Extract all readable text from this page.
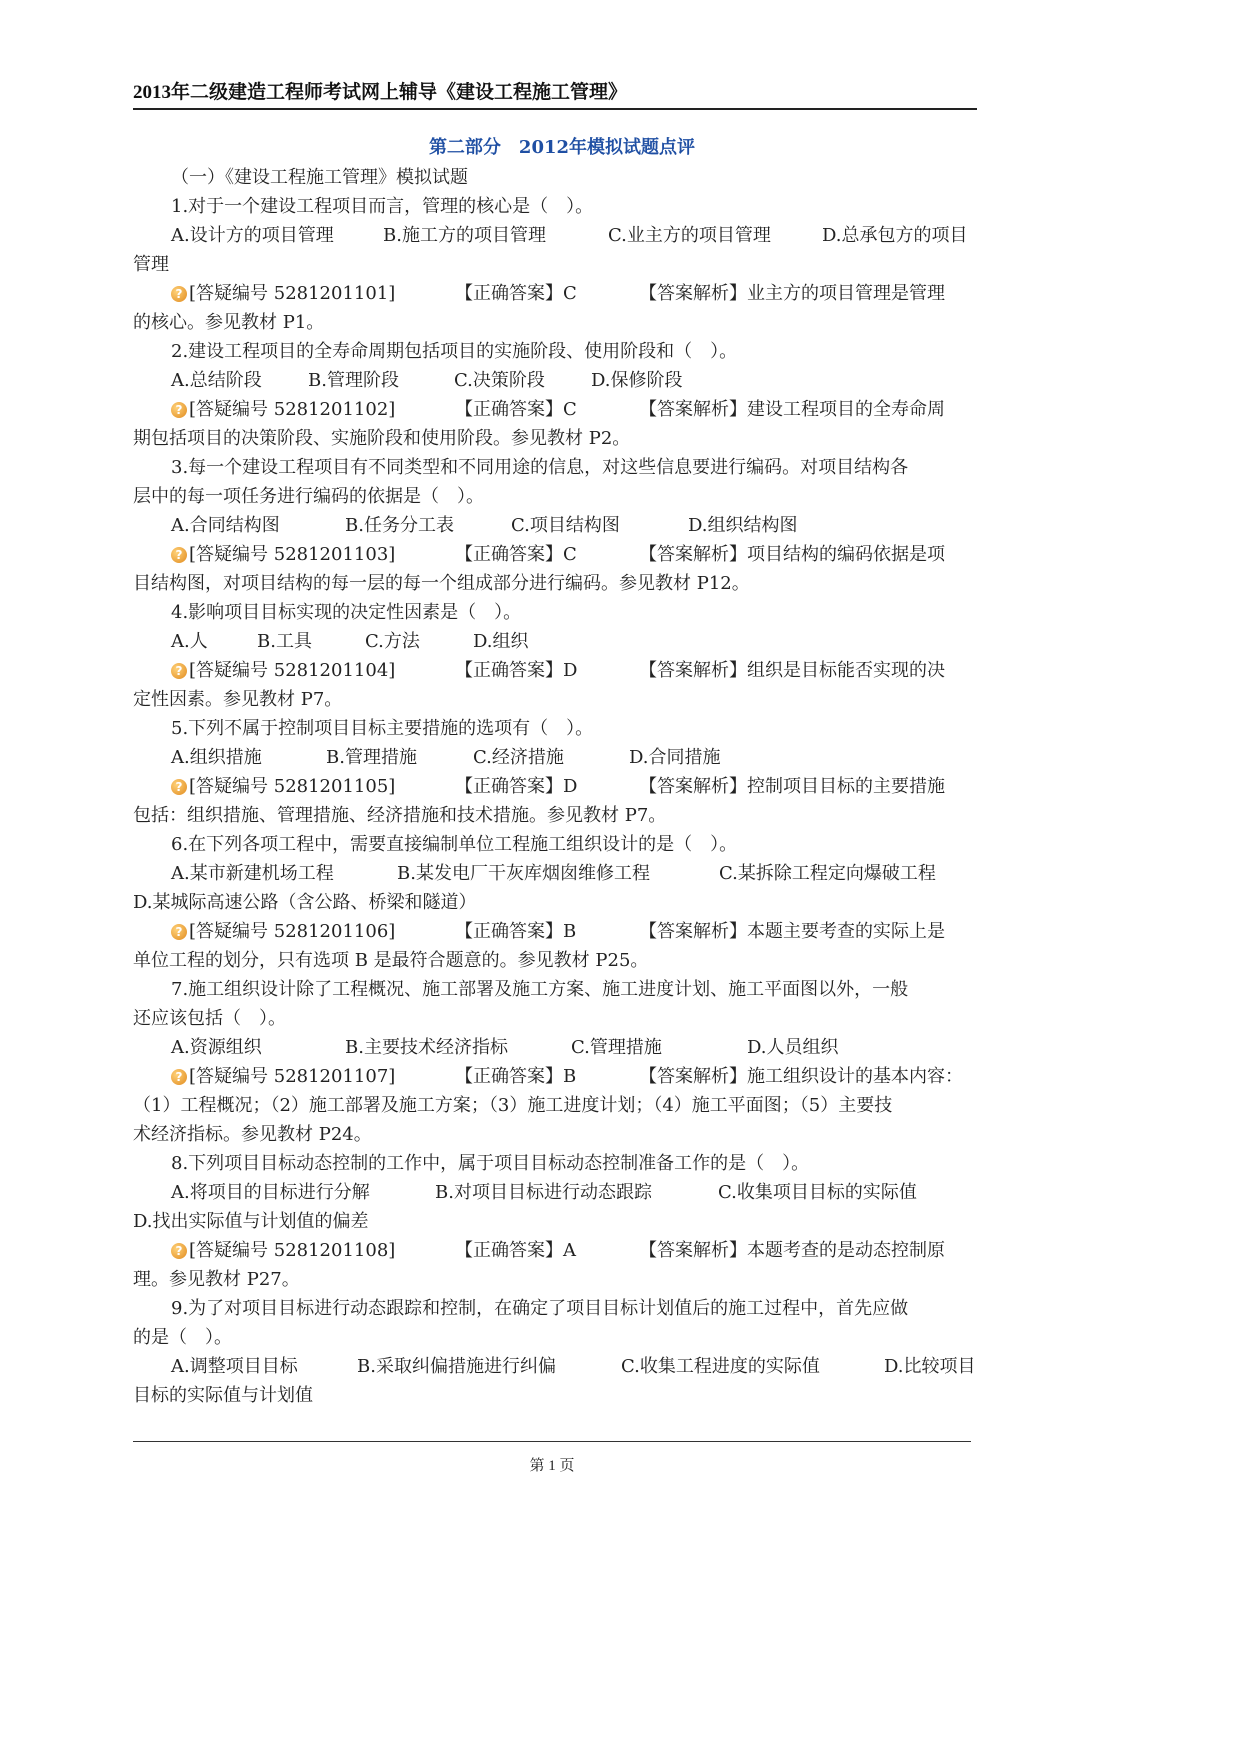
2013年二级建造工程师考试网上辅导《建设工程施工管理》
第二部分　2012年模拟试题点评
（一）《建设工程施工管理》模拟试题
1.对于一个建设工程项目而言，管理的核心是（　）。
A.设计方的项目管理	B.施工方的项目管理	C.业主方的项目管理	D.总承包方的项目
管理
? [答疑编号 5281201101]	【正确答案】C	【答案解析】业主方的项目管理是管理
的核心。参见教材 P1。
2.建设工程项目的全寿命周期包括项目的实施阶段、使用阶段和（　）。
A.总结阶段	B.管理阶段	C.决策阶段	D.保修阶段
? [答疑编号 5281201102]	【正确答案】C	【答案解析】建设工程项目的全寿命周
期包括项目的决策阶段、实施阶段和使用阶段。参见教材 P2。
3.每一个建设工程项目有不同类型和不同用途的信息，对这些信息要进行编码。对项目结构各
层中的每一项任务进行编码的依据是（　）。
A.合同结构图	B.任务分工表	C.项目结构图	D.组织结构图
? [答疑编号 5281201103]	【正确答案】C	【答案解析】项目结构的编码依据是项
目结构图，对项目结构的每一层的每一个组成部分进行编码。参见教材 P12。
4.影响项目目标实现的决定性因素是（　）。
A.人	B.工具	C.方法	D.组织
? [答疑编号 5281201104]	【正确答案】D	【答案解析】组织是目标能否实现的决
定性因素。参见教材 P7。
5.下列不属于控制项目目标主要措施的选项有（　）。
A.组织措施	B.管理措施	C.经济措施	D.合同措施
? [答疑编号 5281201105]	【正确答案】D	【答案解析】控制项目目标的主要措施
包括：组织措施、管理措施、经济措施和技术措施。参见教材 P7。
6.在下列各项工程中，需要直接编制单位工程施工组织设计的是（　）。
A.某市新建机场工程	B.某发电厂干灰库烟囱维修工程	C.某拆除工程定向爆破工程
D.某城际高速公路（含公路、桥梁和隧道）
? [答疑编号 5281201106]	【正确答案】B	【答案解析】本题主要考查的实际上是
单位工程的划分，只有选项 B 是最符合题意的。参见教材 P25。
7.施工组织设计除了工程概况、施工部署及施工方案、施工进度计划、施工平面图以外，一般
还应该包括（　）。
A.资源组织	B.主要技术经济指标	C.管理措施	D.人员组织
? [答疑编号 5281201107]	【正确答案】B	【答案解析】施工组织设计的基本内容：
（1）工程概况；（2）施工部署及施工方案；（3）施工进度计划；（4）施工平面图；（5）主要技
术经济指标。参见教材 P24。
8.下列项目目标动态控制的工作中，属于项目目标动态控制准备工作的是（　）。
A.将项目的目标进行分解	B.对项目目标进行动态跟踪	C.收集项目目标的实际值
D.找出实际值与计划值的偏差
? [答疑编号 5281201108]	【正确答案】A	【答案解析】本题考查的是动态控制原
理。参见教材 P27。
9.为了对项目目标进行动态跟踪和控制，在确定了项目目标计划值后的施工过程中，首先应做
的是（　）。
A.调整项目目标	B.采取纠偏措施进行纠偏	C.收集工程进度的实际值	D.比较项目
目标的实际值与计划值
第 1 页
